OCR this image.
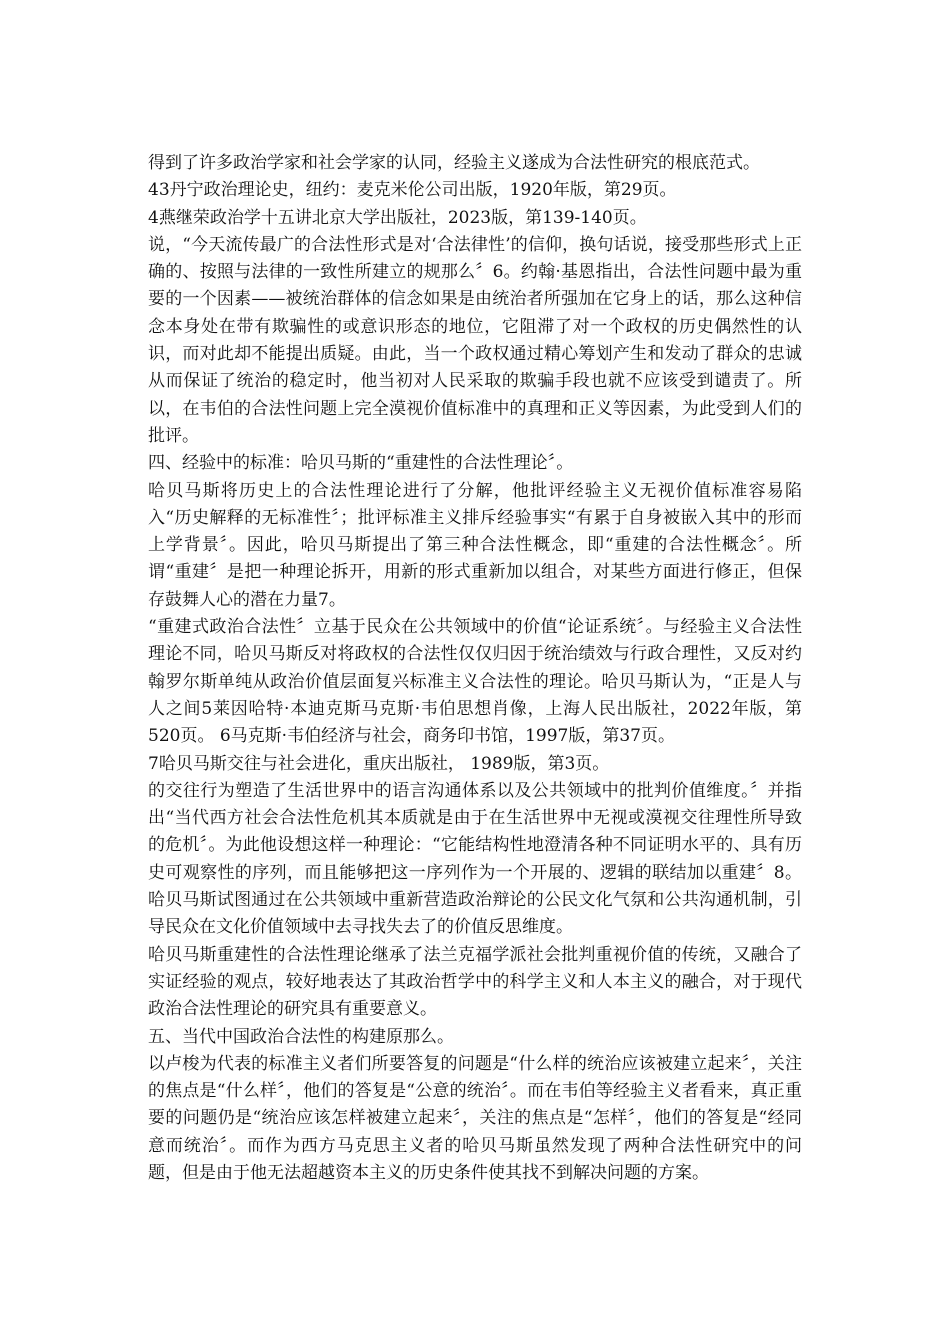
得到了许多政治学家和社会学家的认同，经验主义遂成为合法性研究的根底范式。

43丹宁政治理论史，纽约：麦克米伦公司出版，1920年版，第29页。

4燕继荣政治学十五讲北京大学出版社，2023版，第139-140页。

说，“今天流传最广的合法性形式是对‘合法律性’的信仰，换句话说，接受那些形式上正确的、按照与法律的一致性所建立的规那么〞6。约翰·基恩指出，合法性问题中最为重要的一个因素——被统治群体的信念如果是由统治者所强加在它身上的话，那么这种信念本身处在带有欺骗性的或意识形态的地位，它阻滞了对一个政权的历史偶然性的认识，而对此却不能提出质疑。由此，当一个政权通过精心筹划产生和发动了群众的忠诚从而保证了统治的稳定时，他当初对人民采取的欺骗手段也就不应该受到谴责了。所以，在韦伯的合法性问题上完全漠视价值标准中的真理和正义等因素，为此受到人们的批评。

四、经验中的标准：哈贝马斯的“重建性的合法性理论〞。

哈贝马斯将历史上的合法性理论进行了分解，他批评经验主义无视价值标准容易陷入“历史解释的无标准性〞；批评标准主义排斥经验事实“有累于自身被嵌入其中的形而上学背景〞。因此，哈贝马斯提出了第三种合法性概念，即“重建的合法性概念〞。所谓“重建〞是把一种理论拆开，用新的形式重新加以组合，对某些方面进行修正，但保存鼓舞人心的潜在力量7。

“重建式政治合法性〞立基于民众在公共领域中的价值“论证系统〞。与经验主义合法性理论不同，哈贝马斯反对将政权的合法性仅仅归因于统治绩效与行政合理性，又反对约翰罗尔斯单纯从政治价值层面复兴标准主义合法性的理论。哈贝马斯认为，“正是人与人之间5莱因哈特·本迪克斯马克斯·韦伯思想肖像，上海人民出版社，2022年版，第520页。 6马克斯·韦伯经济与社会，商务印书馆，1997版，第37页。

7哈贝马斯交往与社会进化，重庆出版社， 1989版，第3页。

的交往行为塑造了生活世界中的语言沟通体系以及公共领域中的批判价值维度。〞并指出“当代西方社会合法性危机其本质就是由于在生活世界中无视或漠视交往理性所导致的危机〞。为此他设想这样一种理论：“它能结构性地澄清各种不同证明水平的、具有历史可观察性的序列，而且能够把这一序列作为一个开展的、逻辑的联结加以重建〞8。哈贝马斯试图通过在公共领域中重新营造政治辩论的公民文化气氛和公共沟通机制，引导民众在文化价值领域中去寻找失去了的价值反思维度。

哈贝马斯重建性的合法性理论继承了法兰克福学派社会批判重视价值的传统，又融合了实证经验的观点，较好地表达了其政治哲学中的科学主义和人本主义的融合，对于现代政治合法性理论的研究具有重要意义。

五、当代中国政治合法性的构建原那么。

以卢梭为代表的标准主义者们所要答复的问题是“什么样的统治应该被建立起来〞，关注的焦点是“什么样〞，他们的答复是“公意的统治〞。而在韦伯等经验主义者看来，真正重要的问题仍是“统治应该怎样被建立起来〞，关注的焦点是“怎样〞，他们的答复是“经同意而统治〞。而作为西方马克思主义者的哈贝马斯虽然发现了两种合法性研究中的问题，但是由于他无法超越资本主义的历史条件使其找不到解决问题的方案。
